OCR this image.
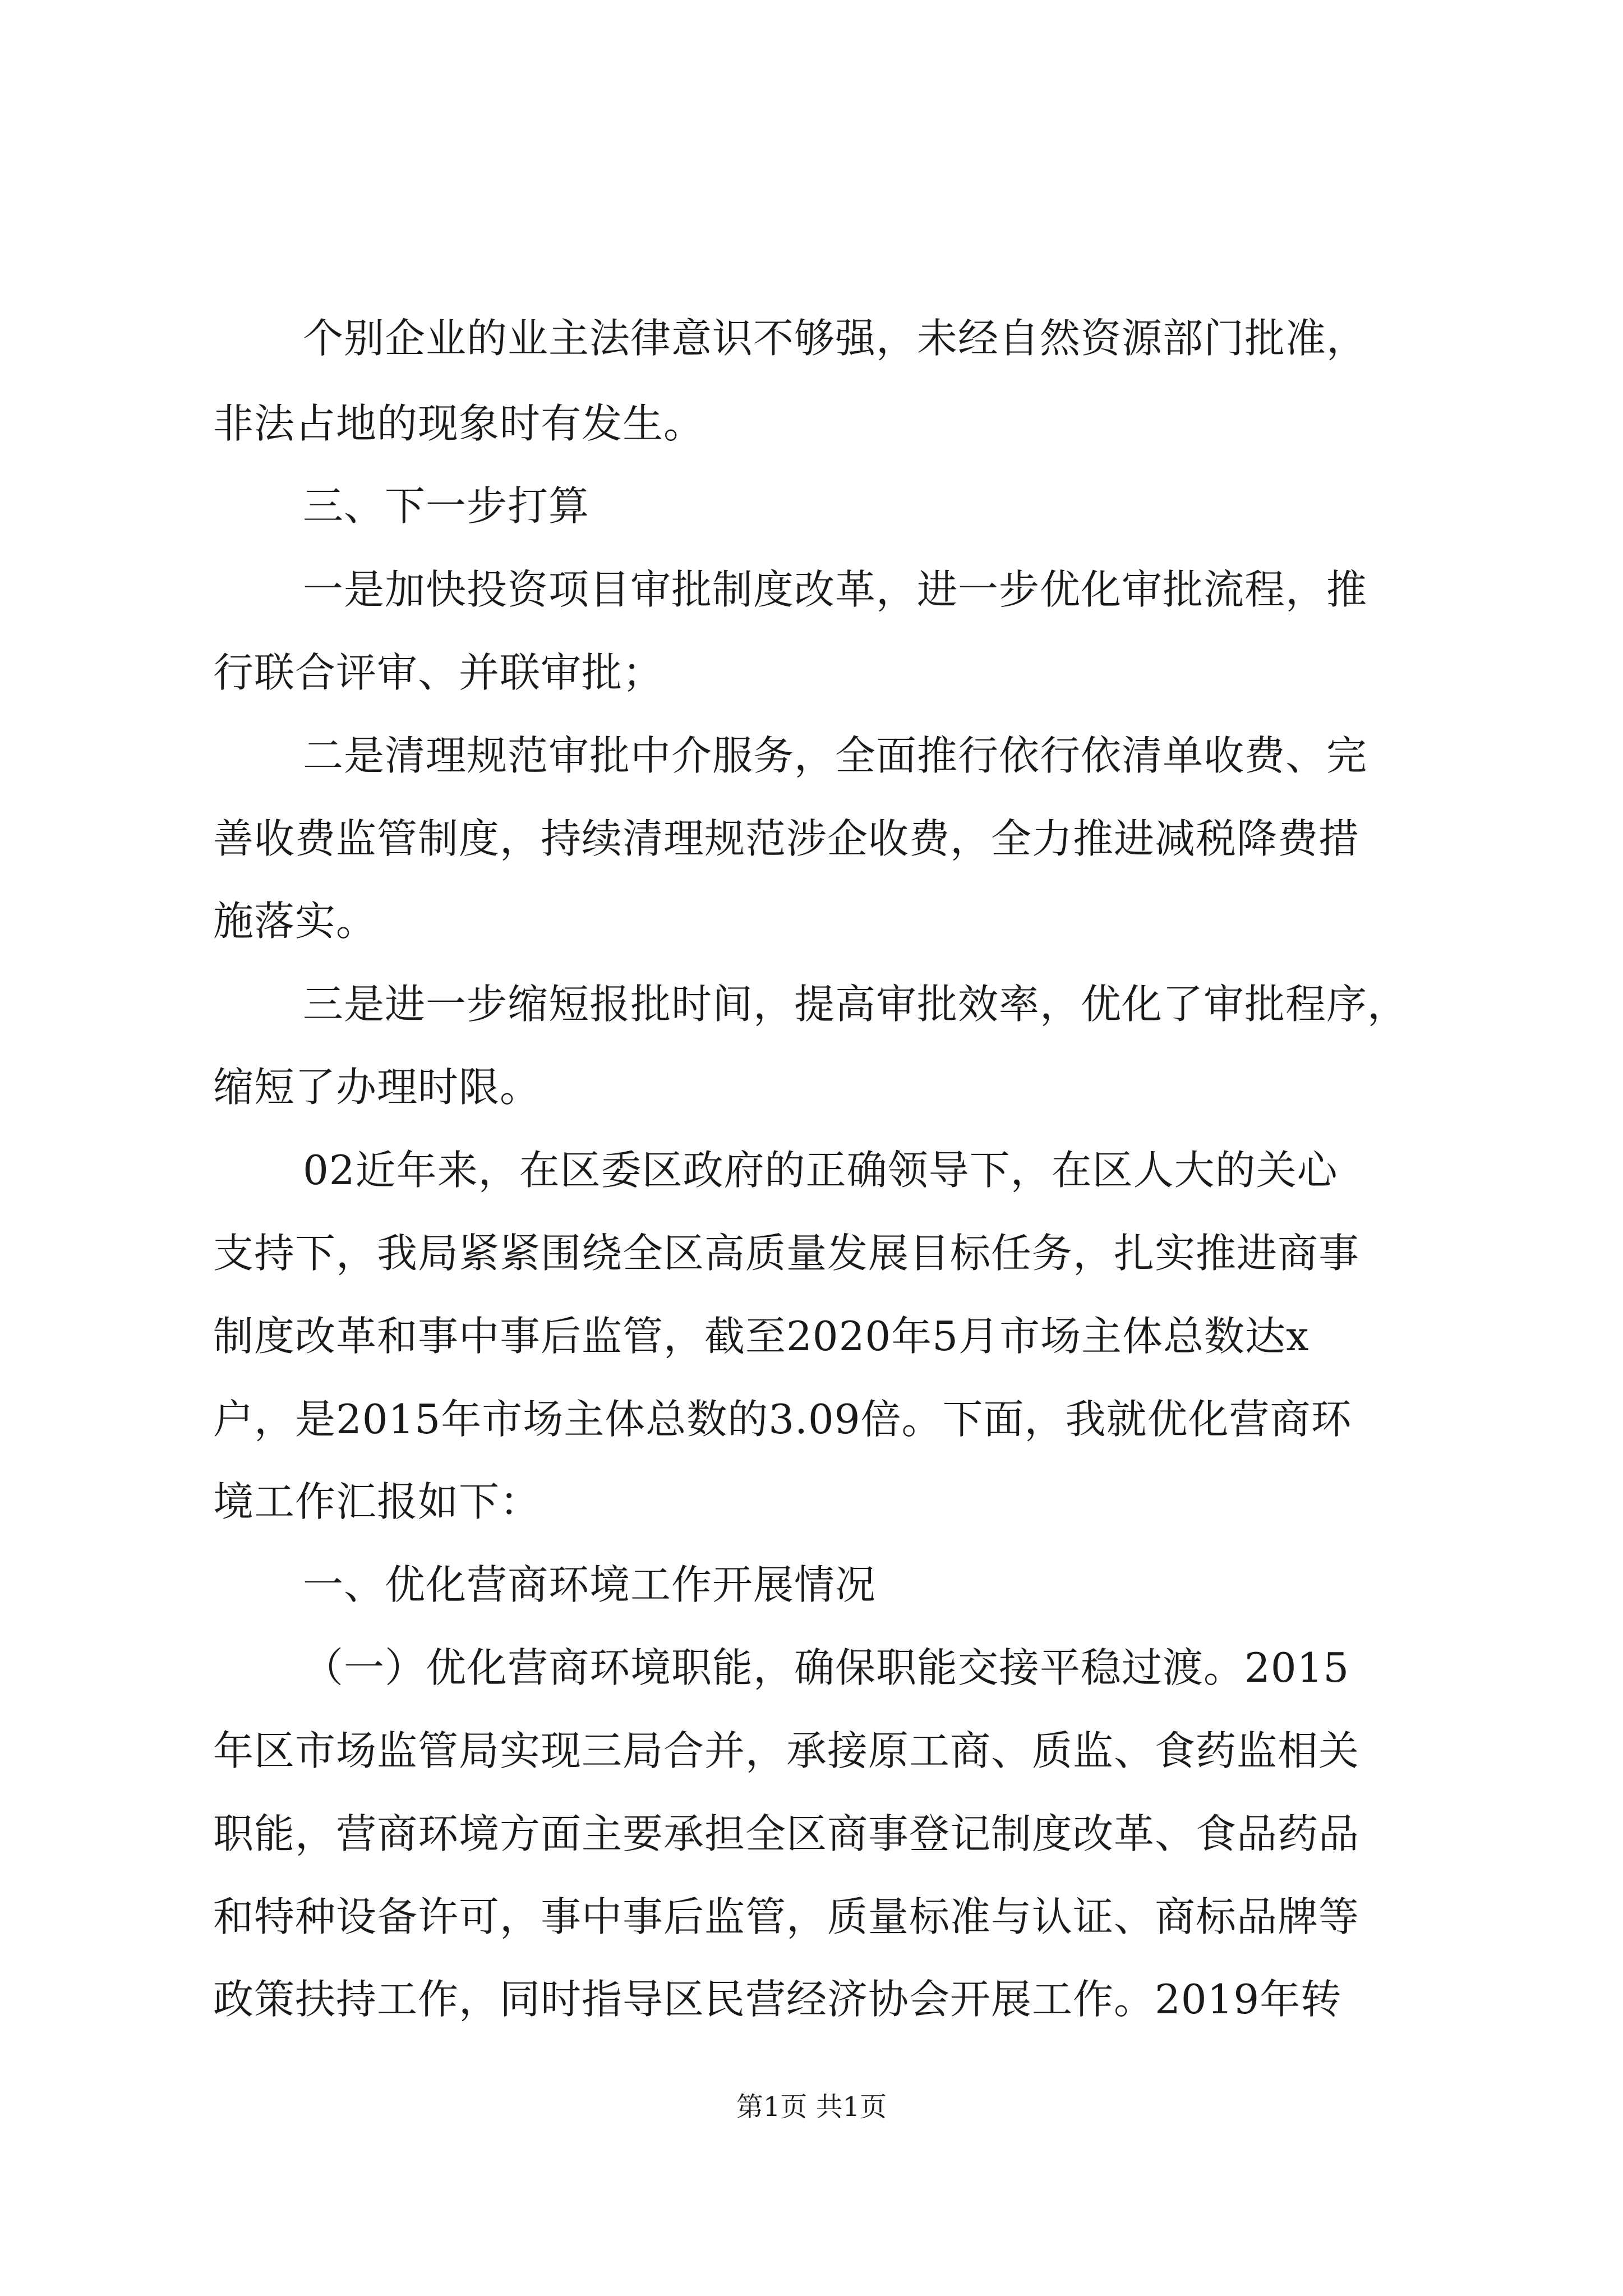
个别企业的业主法律意识不够强，未经自然资源部门批准，
非法占地的现象时有发生。
三、下一步打算
一是加快投资项目审批制度改革，进一步优化审批流程，推
行联合评审、并联审批；
二是清理规范审批中介服务，全面推行依行依清单收费、完
善收费监管制度，持续清理规范涉企收费，全力推进减税降费措
施落实。
三是进一步缩短报批时间，提高审批效率，优化了审批程序，
缩短了办理时限。
02近年来，在区委区政府的正确领导下，在区人大的关心
支持下，我局紧紧围绕全区高质量发展目标任务，扎实推进商事
制度改革和事中事后监管，截至2020年5月市场主体总数达x
户，是2015年市场主体总数的3.09倍。下面，我就优化营商环
境工作汇报如下：
一、优化营商环境工作开展情况
（一）优化营商环境职能，确保职能交接平稳过渡。2015
年区市场监管局实现三局合并，承接原工商、质监、食药监相关
职能，营商环境方面主要承担全区商事登记制度改革、食品药品
和特种设备许可，事中事后监管，质量标准与认证、商标品牌等
政策扶持工作，同时指导区民营经济协会开展工作。2019年转
第1页 共1页
